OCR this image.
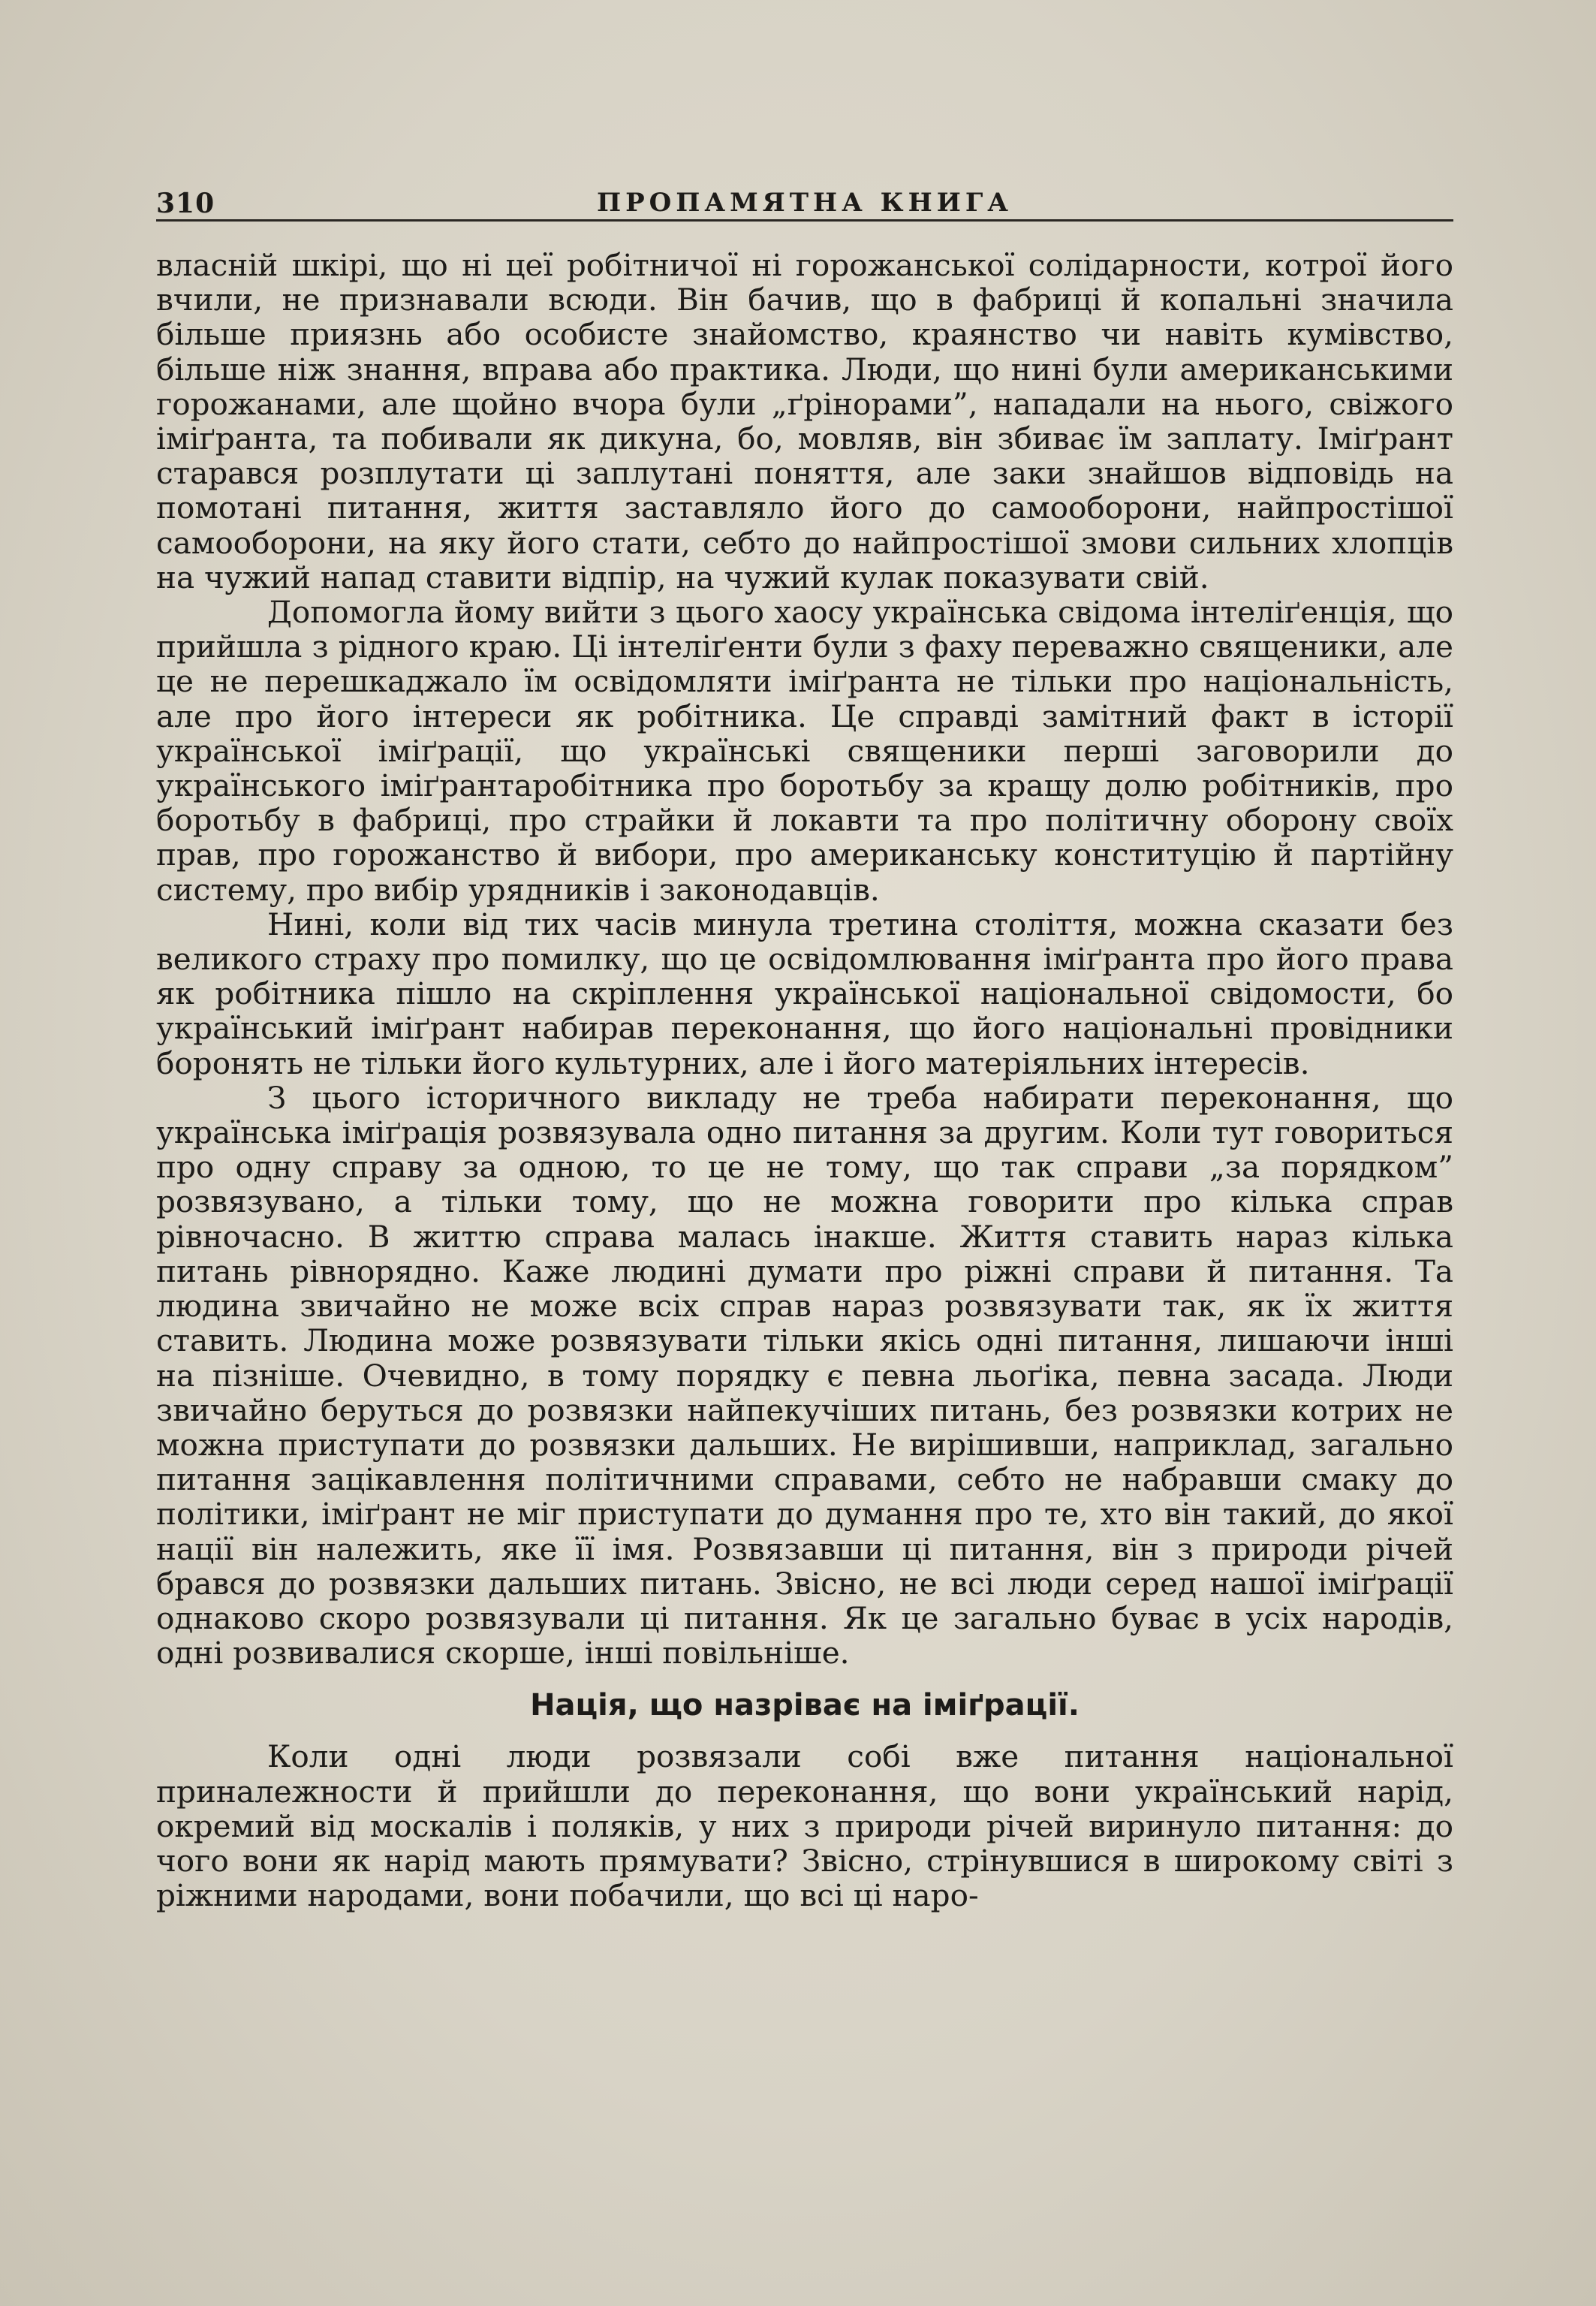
310	ПРОПАМЯТНА КНИГА

власній шкірі, що ні цеї робітничої ні горожанської солідарности, котрої його вчили, не признавали всюди. Він бачив, що в фабриці й копальні значила більше приязнь або особисте знайомство, краянство чи навіть кумівство, більше ніж знання, вправа або практика. Люди, що нині були американськими горожанами, але щойно вчора були „ґрінорами”, нападали на нього, свіжого іміґранта, та побивали як дикуна, бо, мовляв, він збиває їм заплату. Іміґрант старався розплутати ці заплутані поняття, але заки знайшов відповідь на помотані питання, життя заставляло його до самооборони, найпростішої самооборони, на яку його стати, себто до найпростішої змови сильних хлопців на чужий напад ставити відпір, на чужий кулак показувати свій.

Допомогла йому вийти з цього хаосу українська свідома інтеліґенція, що прийшла з рідного краю. Ці інтеліґенти були з фаху переважно священики, але це не перешкаджало їм освідомляти іміґранта не тільки про національність, але про його інтереси як робітника. Це справді замітний факт в історії української іміґрації, що українські священики перші заговорили до українського іміґрантаробітника про боротьбу за кращу долю робітників, про боротьбу в фабриці, про страйки й локавти та про політичну оборону своїх прав, про горожанство й вибори, про американську конституцію й партійну систему, про вибір урядників і законодавців.

Нині, коли від тих часів минула третина століття, можна сказати без великого страху про помилку, що це освідомлювання іміґранта про його права як робітника пішло на скріплення української національної свідомости, бо український іміґрант набирав переконання, що його національні провідники боронять не тільки його культурних, але і його матеріяльних інтересів.

З цього історичного викладу не треба набирати переконання, що українська іміґрація розвязувала одно питання за другим. Коли тут говориться про одну справу за одною, то це не тому, що так справи „за порядком” розвязувано, а тільки тому, що не можна говорити про кілька справ рівночасно. В життю справа малась інакше. Життя ставить нараз кілька питань рівнорядно. Каже людині думати про ріжні справи й питання. Та людина звичайно не може всіх справ нараз розвязувати так, як їх життя ставить. Людина може розвязувати тільки якісь одні питання, лишаючи інші на пізніше. Очевидно, в тому порядку є певна льоґіка, певна засада. Люди звичайно беруться до розвязки найпекучіших питань, без розвязки котрих не можна приступати до розвязки дальших. Не вирішивши, наприклад, загально питання зацікавлення політичними справами, себто не набравши смаку до політики, іміґрант не міг приступати до думання про те, хто він такий, до якої нації він належить, яке її імя. Розвязавши ці питання, він з природи річей брався до розвязки дальших питань. Звісно, не всі люди серед нашої іміґрації однаково скоро розвязували ці питання. Як це загально буває в усіх народів, одні розвивалися скорше, інші повільніше.

Нація, що назріває на іміґрації.

Коли одні люди розвязали собі вже питання національної приналежности й прийшли до переконання, що вони український нарід, окремий від москалів і поляків, у них з природи річей виринуло питання: до чого вони як нарід мають прямувати? Звісно, стрінувшися в широкому світі з ріжними народами, вони побачили, що всі ці наро-
